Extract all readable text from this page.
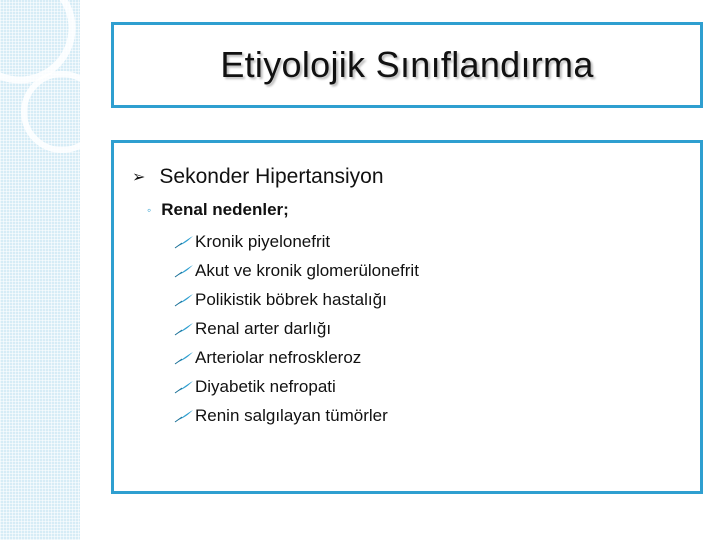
Etiyolojik Sınıflandırma
➢ Sekonder Hipertansiyon
◦ Renal nedenler;
Kronik piyelonefrit
Akut ve kronik glomerülonefrit
Polikistik böbrek hastalığı
Renal arter darlığı
Arteriolar nefroskleroz
Diyabetik nefropati
Renin salgılayan tümörler
